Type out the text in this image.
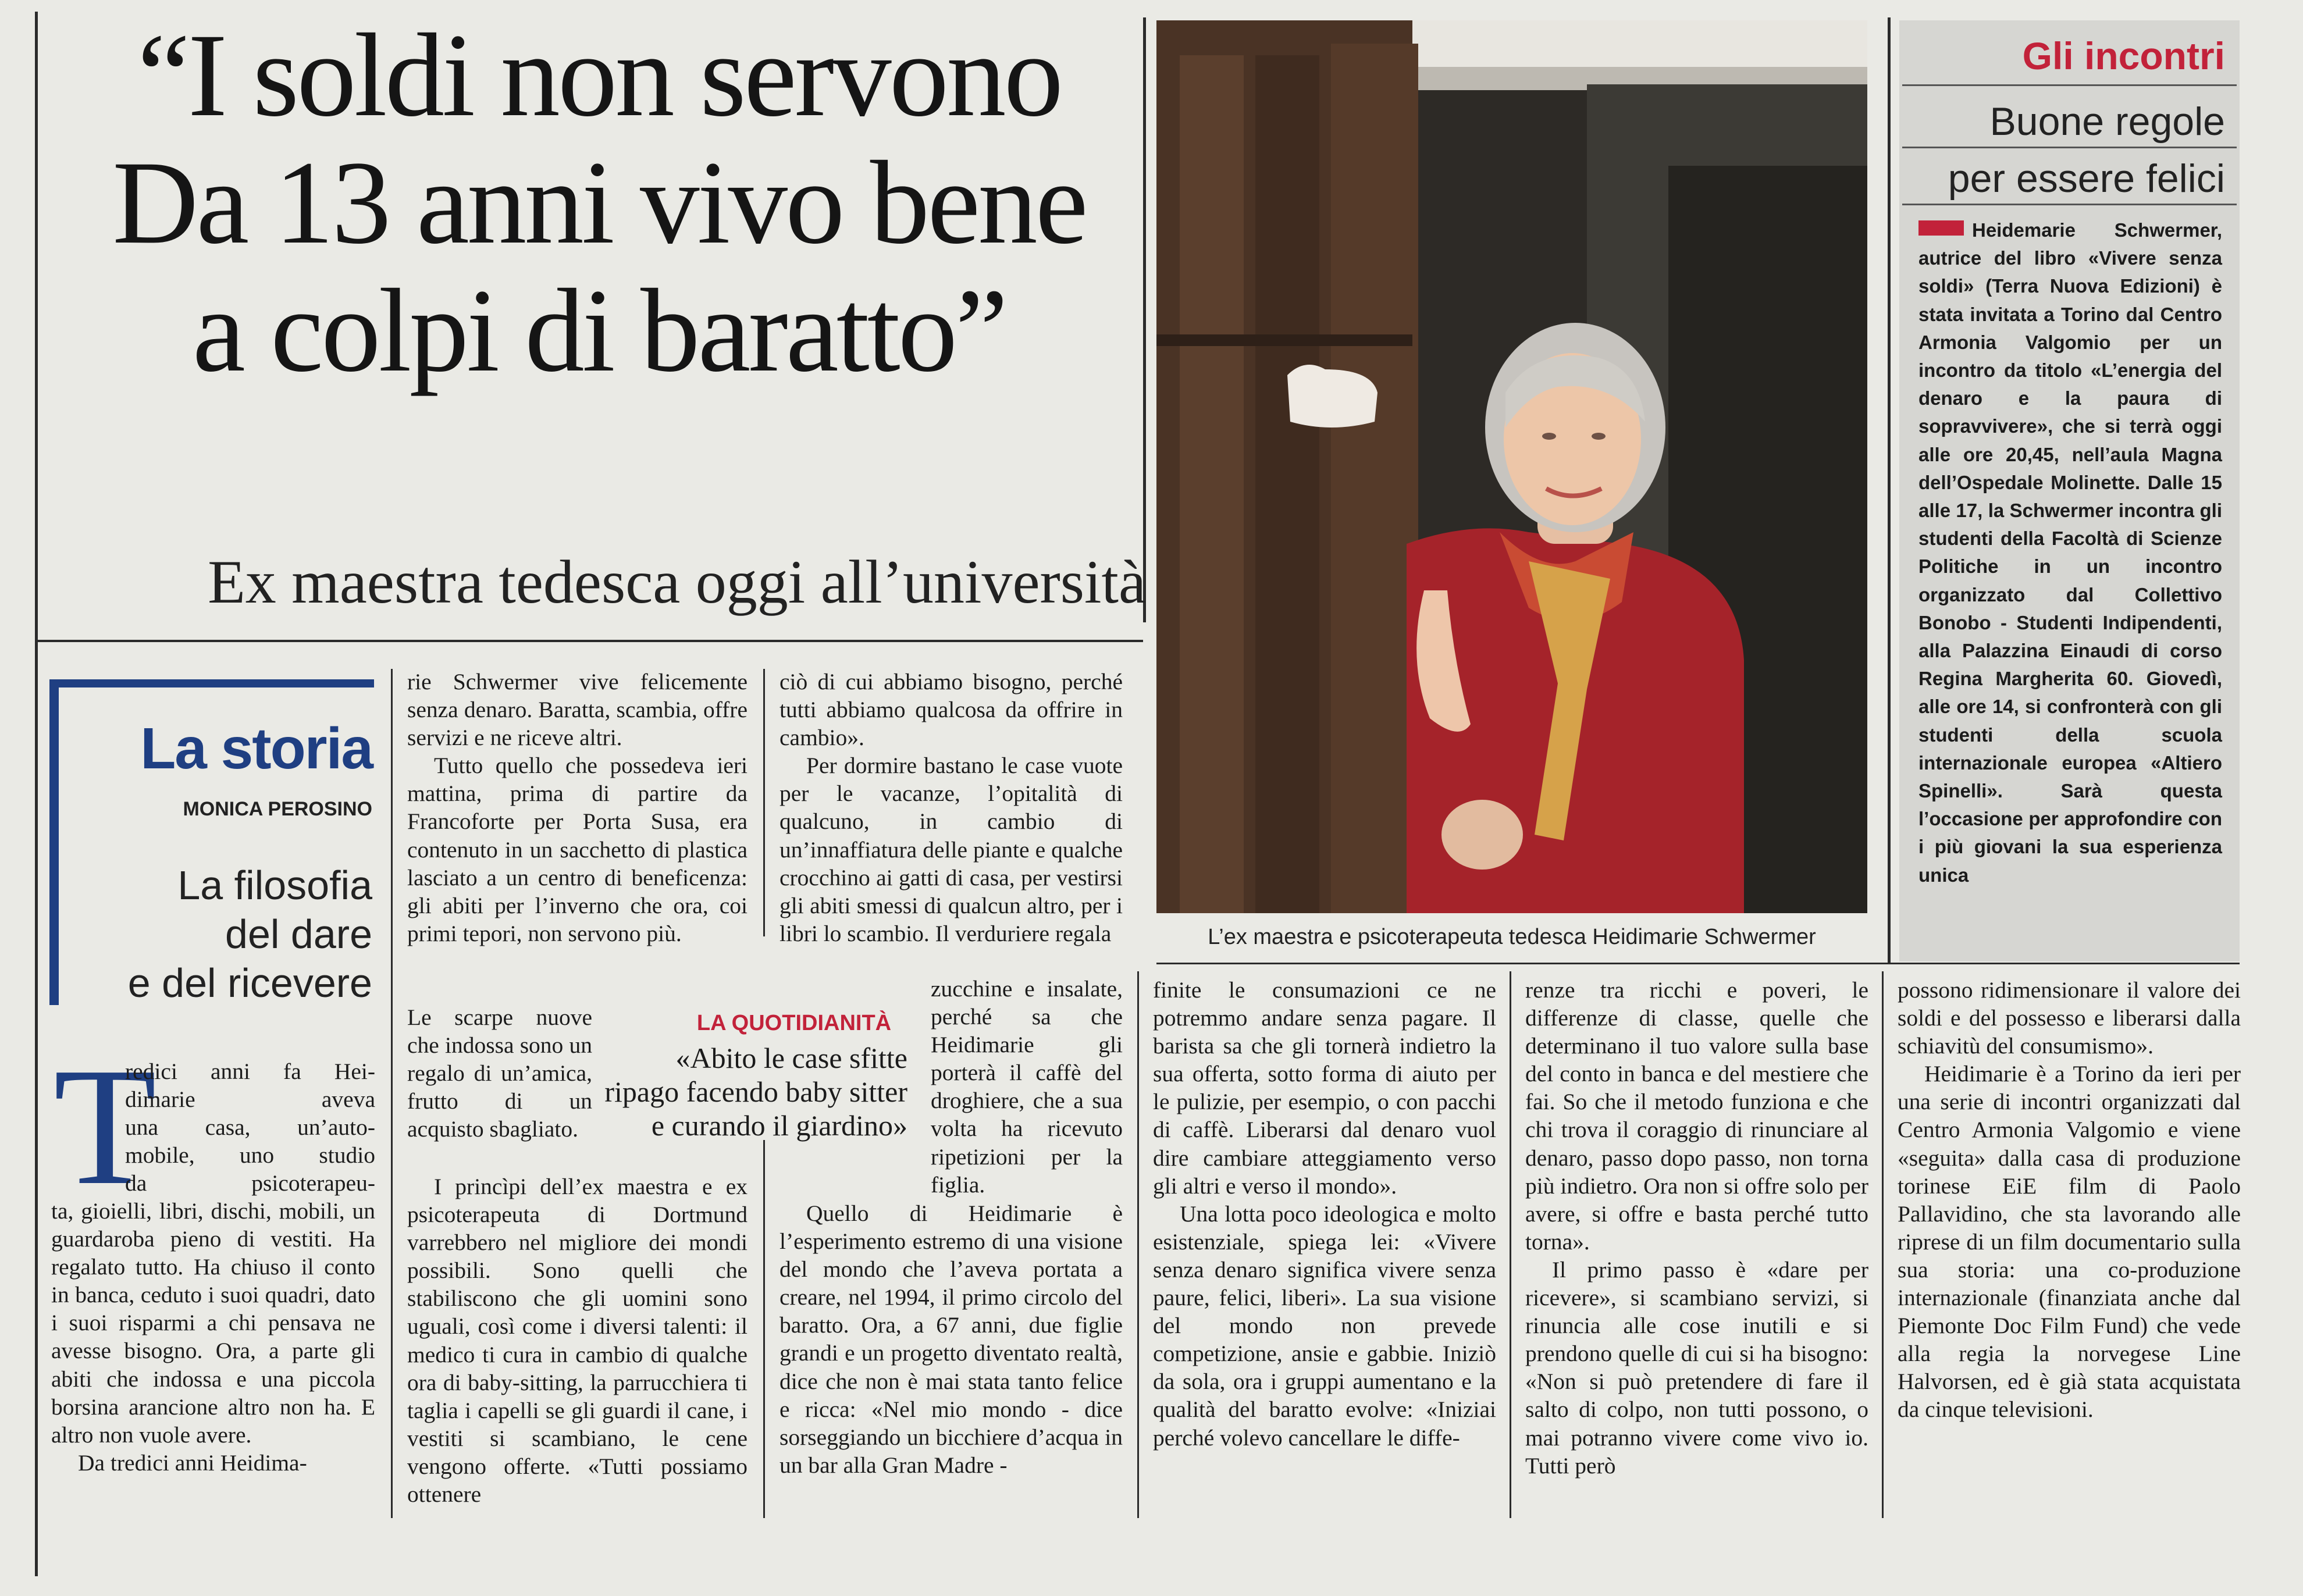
“I soldi non servono
Da 13 anni vivo bene
a colpi di baratto”
Ex maestra tedesca oggi all’università
La storia
MONICA PEROSINO
La filosofia
del dare
e del ricevere
T
redici anni fa Hei-
dimarie aveva
una casa, un’auto-
mobile, uno studio
da psicoterapeu-

ta, gioielli, libri, dischi, mobili, un guardaroba pieno di vestiti. Ha regalato tutto. Ha chiuso il conto in banca, ceduto i suoi quadri, dato i suoi risparmi a chi pensava ne avesse bisogno. Ora, a parte gli abiti che indossa e una piccola borsina arancione altro non ha. E altro non vuole avere.

Da tredici anni Heidima-

rie Schwermer vive felicemente senza denaro. Baratta, scambia, offre servizi e ne riceve altri.

Tutto quello che possedeva ieri mattina, prima di partire da Francoforte per Porta Susa, era contenuto in un sacchetto di plastica lasciato a un centro di beneficenza: gli abiti per l’inverno che ora, coi primi tepori, non servono più.

Le scarpe nuove che indossa sono un regalo di un’amica, frutto di un acquisto sbagliato.

I princìpi dell’ex maestra e ex psicoterapeuta di Dortmund varrebbero nel migliore dei mondi possibili. Sono quelli che stabiliscono che gli uomini sono uguali, così come i diversi talenti: il medico ti cura in cambio di qualche ora di baby-sitting, la parrucchiera ti taglia i capelli se gli guardi il cane, i vestiti si scambiano, le cene vengono offerte. «Tutti possiamo ottenere

LA QUOTIDIANITÀ
«Abito le case sfitte
ripago facendo baby sitter
e curando il giardino»

ciò di cui abbiamo bisogno, perché tutti abbiamo qualcosa da offrire in cambio».

Per dormire bastano le case vuote per le vacanze, l’opitalità di qualcuno, in cambio di un’innaffiatura delle piante e qualche crocchino ai gatti di casa, per vestirsi gli abiti smessi di qualcun altro, per i libri lo scambio. Il verduriere regala

zucchine e insalate, perché sa che Heidimarie gli porterà il caffè del droghiere, che a sua volta ha ricevuto ripetizioni per la figlia.

Quello di Heidimarie è l’esperimento estremo di una visione del mondo che l’aveva portata a creare, nel 1994, il primo circolo del baratto. Ora, a 67 anni, due figlie grandi e un progetto diventato realtà, dice che non è mai stata tanto felice e ricca: «Nel mio mondo - dice sorseggiando un bicchiere d’acqua in un bar alla Gran Madre -

L’ex maestra e psicoterapeuta tedesca Heidimarie Schwermer
Gli incontri
Buone regole
per essere felici
Heidemarie Schwermer, autrice del libro «Vivere senza soldi» (Terra Nuova Edizioni) è stata invitata a Torino dal Centro Armonia Valgomio per un incontro da titolo «L’energia del denaro e la paura di sopravvivere», che si terrà oggi alle ore 20,45, nell’aula Magna dell’Ospedale Molinette. Dalle 15 alle 17, la Schwermer incontra gli studenti della Facoltà di Scienze Politiche in un incontro organizzato dal Collettivo Bonobo - Studenti Indipendenti, alla Palazzina Einaudi di corso Regina Margherita 60. Giovedì, alle ore 14, si confronterà con gli studenti della scuola internazionale europea «Altiero Spinelli». Sarà questa l’occasione per approfondire con i più giovani la sua esperienza unica

finite le consumazioni ce ne potremmo andare senza pagare. Il barista sa che gli tornerà indietro la sua offerta, sotto forma di aiuto per le pulizie, per esempio, o con pacchi di caffè. Liberarsi dal denaro vuol dire cambiare atteggiamento verso gli altri e verso il mondo».

Una lotta poco ideologica e molto esistenziale, spiega lei: «Vivere senza denaro significa vivere senza paure, felici, liberi». La sua visione del mondo non prevede competizione, ansie e gabbie. Iniziò da sola, ora i gruppi aumentano e la qualità del baratto evolve: «Iniziai perché volevo cancellare le diffe-

renze tra ricchi e poveri, le differenze di classe, quelle che determinano il tuo valore sulla base del conto in banca e del mestiere che fai. So che il metodo funziona e che chi trova il coraggio di rinunciare al denaro, passo dopo passo, non torna più indietro. Ora non si offre solo per avere, si offre e basta perché tutto torna».

Il primo passo è «dare per ricevere», si scambiano servizi, si rinuncia alle cose inutili e si prendono quelle di cui si ha bisogno: «Non si può pretendere di fare il salto di colpo, non tutti possono, o mai potranno vivere come vivo io. Tutti però

possono ridimensionare il valore dei soldi e del possesso e liberarsi dalla schiavitù del consumismo».

Heidimarie è a Torino da ieri per una serie di incontri organizzati dal Centro Armonia Valgomio e viene «seguita» dalla casa di produzione torinese EiE film di Paolo Pallavidino, che sta lavorando alle riprese di un film documentario sulla sua storia: una co-produzione internazionale (finanziata anche dal Piemonte Doc Film Fund) che vede alla regia la norvegese Line Halvorsen, ed è già stata acquistata da cinque televisioni.
